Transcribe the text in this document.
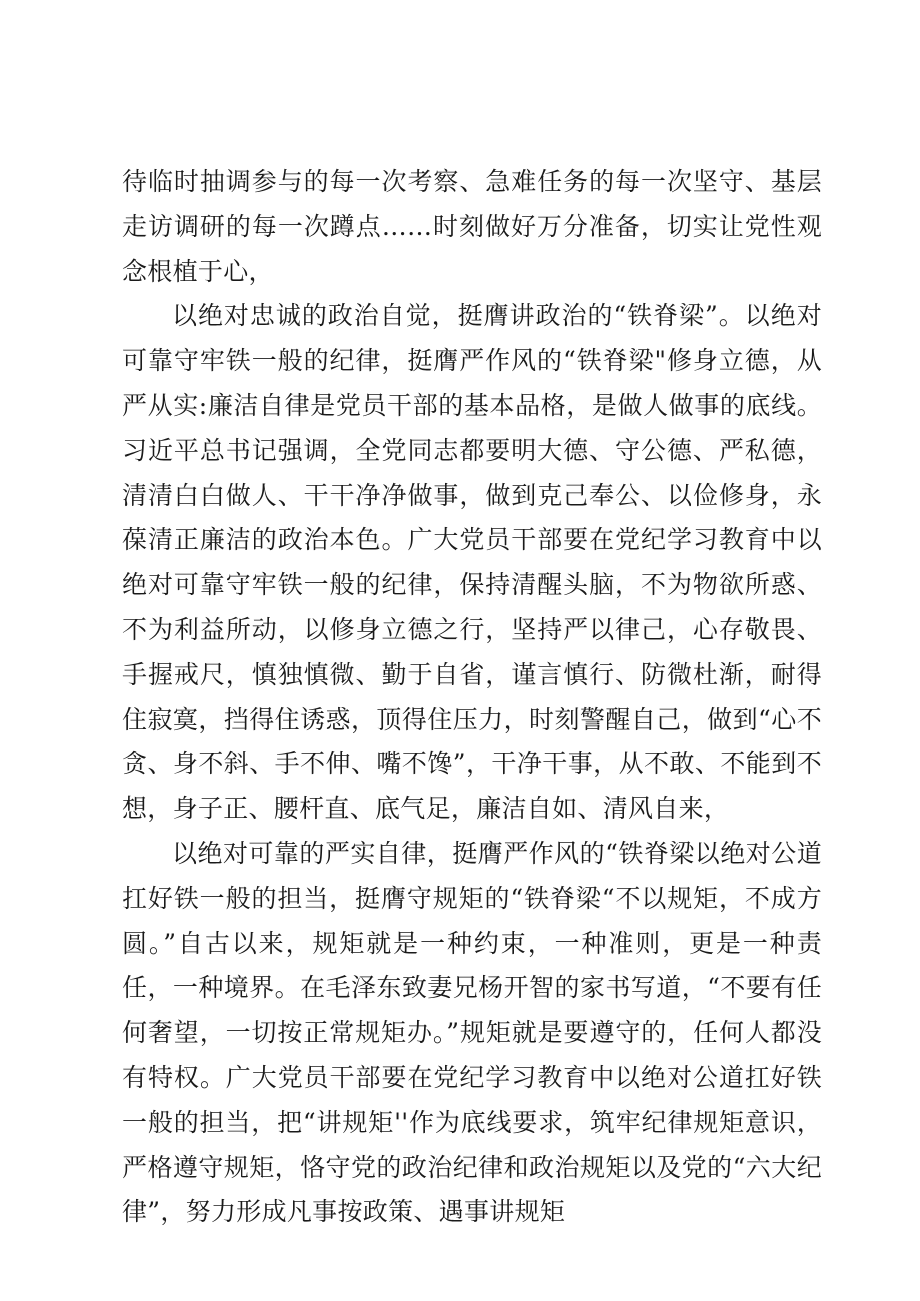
待临时抽调参与的每一次考察、急难任务的每一次坚守、基层走访调研的每一次蹲点……时刻做好万分准备，切实让党性观念根植于心，

以绝对忠诚的政治自觉，挺膺讲政治的“铁脊梁”。以绝对可靠守牢铁一般的纪律，挺膺严作风的“铁脊梁"修身立德，从严从实:廉洁自律是党员干部的基本品格，是做人做事的底线。习近平总书记强调，全党同志都要明大德、守公德、严私德，清清白白做人、干干净净做事，做到克己奉公、以俭修身，永葆清正廉洁的政治本色。广大党员干部要在党纪学习教育中以绝对可靠守牢铁一般的纪律，保持清醒头脑，不为物欲所惑、不为利益所动，以修身立德之行，坚持严以律己，心存敬畏、手握戒尺，慎独慎微、勤于自省，谨言慎行、防微杜渐，耐得住寂寞，挡得住诱惑，顶得住压力，时刻警醒自己，做到“心不贪、身不斜、手不伸、嘴不馋”，干净干事，从不敢、不能到不想，身子正、腰杆直、底气足，廉洁自如、清风自来，

以绝对可靠的严实自律，挺膺严作风的“铁脊梁以绝对公道扛好铁一般的担当，挺膺守规矩的“铁脊梁“不以规矩，不成方圆。”自古以来，规矩就是一种约束，一种准则，更是一种责任，一种境界。在毛泽东致妻兄杨开智的家书写道，“不要有任何奢望，一切按正常规矩办。”规矩就是要遵守的，任何人都没有特权。广大党员干部要在党纪学习教育中以绝对公道扛好铁一般的担当，把“讲规矩''作为底线要求，筑牢纪律规矩意识，严格遵守规矩，恪守党的政治纪律和政治规矩以及党的“六大纪律”，努力形成凡事按政策、遇事讲规矩
